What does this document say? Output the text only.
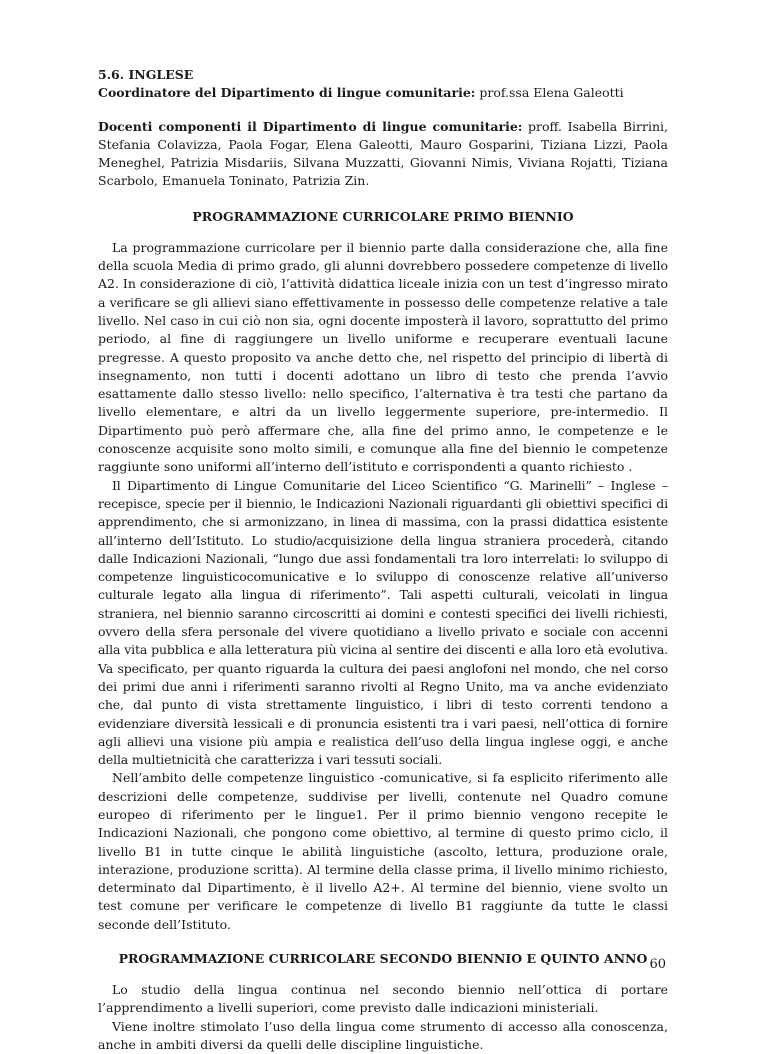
5.6. INGLESE

Coordinatore del Dipartimento di lingue comunitarie: prof.ssa Elena Galeotti

Docenti componenti il Dipartimento di lingue comunitarie: proff. Isabella Birrini, Stefania Colavizza, Paola Fogar, Elena Galeotti, Mauro Gosparini, Tiziana Lizzi, Paola Meneghel, Patrizia Misdariis, Silvana Muzzatti, Giovanni Nimis, Viviana Rojatti, Tiziana Scarbolo, Emanuela Toninato, Patrizia Zin.

PROGRAMMAZIONE CURRICOLARE PRIMO BIENNIO

La programmazione curricolare per il biennio parte dalla considerazione che, alla fine della scuola Media di primo grado, gli alunni dovrebbero possedere competenze di livello A2. In considerazione di ciò, l’attività didattica liceale inizia con un test d’ingresso mirato a verificare se gli allievi siano effettivamente in possesso delle competenze relative a tale livello. Nel caso in cui ciò non sia, ogni docente imposterà il lavoro, soprattutto del primo periodo, al fine di raggiungere un livello uniforme e recuperare eventuali lacune pregresse. A questo proposito va anche detto che, nel rispetto del principio di libertà di insegnamento, non tutti i docenti adottano un libro di testo che prenda l’avvio esattamente dallo stesso livello: nello specifico, l’alternativa è tra testi che partano da livello elementare, e altri da un livello leggermente superiore, pre-intermedio. Il Dipartimento può però affermare che, alla fine del primo anno, le competenze e le conoscenze acquisite sono molto simili, e comunque alla fine del biennio le competenze raggiunte sono uniformi all’interno dell’istituto e corrispondenti a quanto richiesto .

Il Dipartimento di Lingue Comunitarie del Liceo Scientifico “G. Marinelli” – Inglese – recepisce, specie per il biennio, le Indicazioni Nazionali riguardanti gli obiettivi specifici di apprendimento, che si armonizzano, in linea di massima, con la prassi didattica esistente all’interno dell’Istituto. Lo studio/acquisizione della lingua straniera procederà, citando dalle Indicazioni Nazionali, “lungo due assi fondamentali tra loro interrelati: lo sviluppo di competenze linguisticocomunicative e lo sviluppo di conoscenze relative all’universo culturale legato alla lingua di riferimento”. Tali aspetti culturali, veicolati in lingua straniera, nel biennio saranno circoscritti ai domini e contesti specifici dei livelli richiesti, ovvero della sfera personale del vivere quotidiano a livello privato e sociale con accenni alla vita pubblica e alla letteratura più vicina al sentire dei discenti e alla loro età evolutiva. Va specificato, per quanto riguarda la cultura dei paesi anglofoni nel mondo, che nel corso dei primi due anni i riferimenti saranno rivolti al Regno Unito, ma va anche evidenziato che, dal punto di vista strettamente linguistico, i libri di testo correnti tendono a evidenziare diversità lessicali e di pronuncia esistenti tra i vari paesi, nell’ottica di fornire agli allievi una visione più ampia e realistica dell’uso della lingua inglese oggi, e anche della multietnicità che caratterizza i vari tessuti sociali.

Nell’ambito delle competenze linguistico -comunicative, si fa esplicito riferimento alle descrizioni delle competenze, suddivise per livelli, contenute nel Quadro comune europeo di riferimento per le lingue1. Per il primo biennio vengono recepite le Indicazioni Nazionali, che pongono come obiettivo, al termine di questo primo ciclo, il livello B1 in tutte cinque le abilità linguistiche (ascolto, lettura, produzione orale, interazione, produzione scritta). Al termine della classe prima, il livello minimo richiesto, determinato dal Dipartimento, è il livello A2+. Al termine del biennio, viene svolto un test comune per verificare le competenze di livello B1 raggiunte da tutte le classi seconde dell’Istituto.

PROGRAMMAZIONE CURRICOLARE SECONDO BIENNIO E QUINTO ANNO

Lo studio della lingua continua nel secondo biennio nell’ottica di portare l’apprendimento a livelli superiori, come previsto dalle indicazioni ministeriali.

Viene inoltre stimolato l’uso della lingua come strumento di accesso alla conoscenza, anche in ambiti diversi da quelli delle discipline linguistiche.

60
